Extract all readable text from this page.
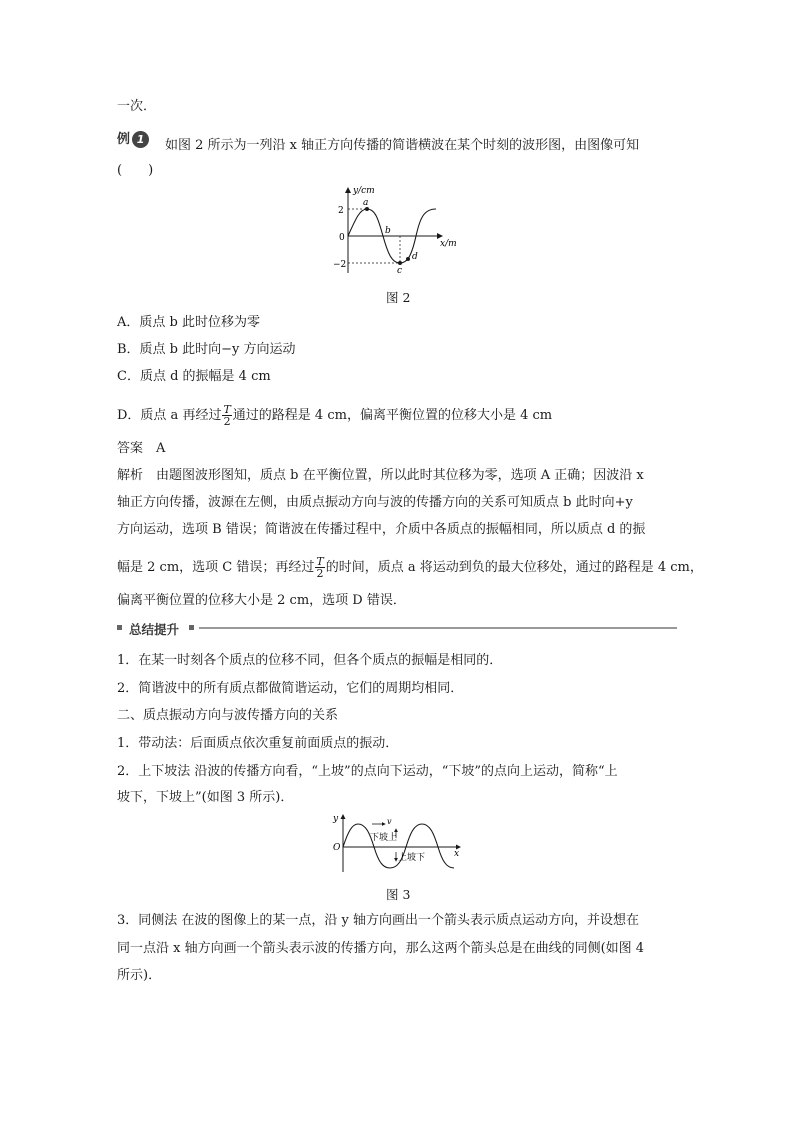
一次．
例 1	如图 2 所示为一列沿 x 轴正方向传播的简谐横波在某个时刻的波形图，由图像可知
(　　)
y/cm
x/m
2
−2
0
a
b
c
d
图 2
A．质点 b 此时位移为零
B．质点 b 此时向−y 方向运动
C．质点 d 的振幅是 4 cm
D．质点 a 再经过 $\frac{T}{2}$ 通过的路程是 4 cm，偏离平衡位置的位移大小是 4 cm
答案　A
解析　由题图波形图知，质点 b 在平衡位置，所以此时其位移为零，选项 A 正确；因波沿 x
轴正方向传播，波源在左侧，由质点振动方向与波的传播方向的关系可知质点 b 此时向+y
方向运动，选项 B 错误；简谐波在传播过程中，介质中各质点的振幅相同，所以质点 d 的振
幅是 2 cm，选项 C 错误；再经过 $\frac{T}{2}$ 的时间，质点 a 将运动到负的最大位移处，通过的路程是 4 cm，
偏离平衡位置的位移大小是 2 cm，选项 D 错误．
总结提升
1．在某一时刻各个质点的位移不同，但各个质点的振幅是相同的．
2．简谐波中的所有质点都做简谐运动，它们的周期均相同．
二、质点振动方向与波传播方向的关系
1．带动法：后面质点依次重复前面质点的振动．
2．上下坡法 沿波的传播方向看，“上坡”的点向下运动，“下坡”的点向上运动，简称“上
坡下，下坡上”(如图 3 所示)．
y
x
O
v
下坡上
上坡下
图 3
3．同侧法 在波的图像上的某一点，沿 y 轴方向画出一个箭头表示质点运动方向，并设想在
同一点沿 x 轴方向画一个箭头表示波的传播方向，那么这两个箭头总是在曲线的同侧(如图 4
所示)．
